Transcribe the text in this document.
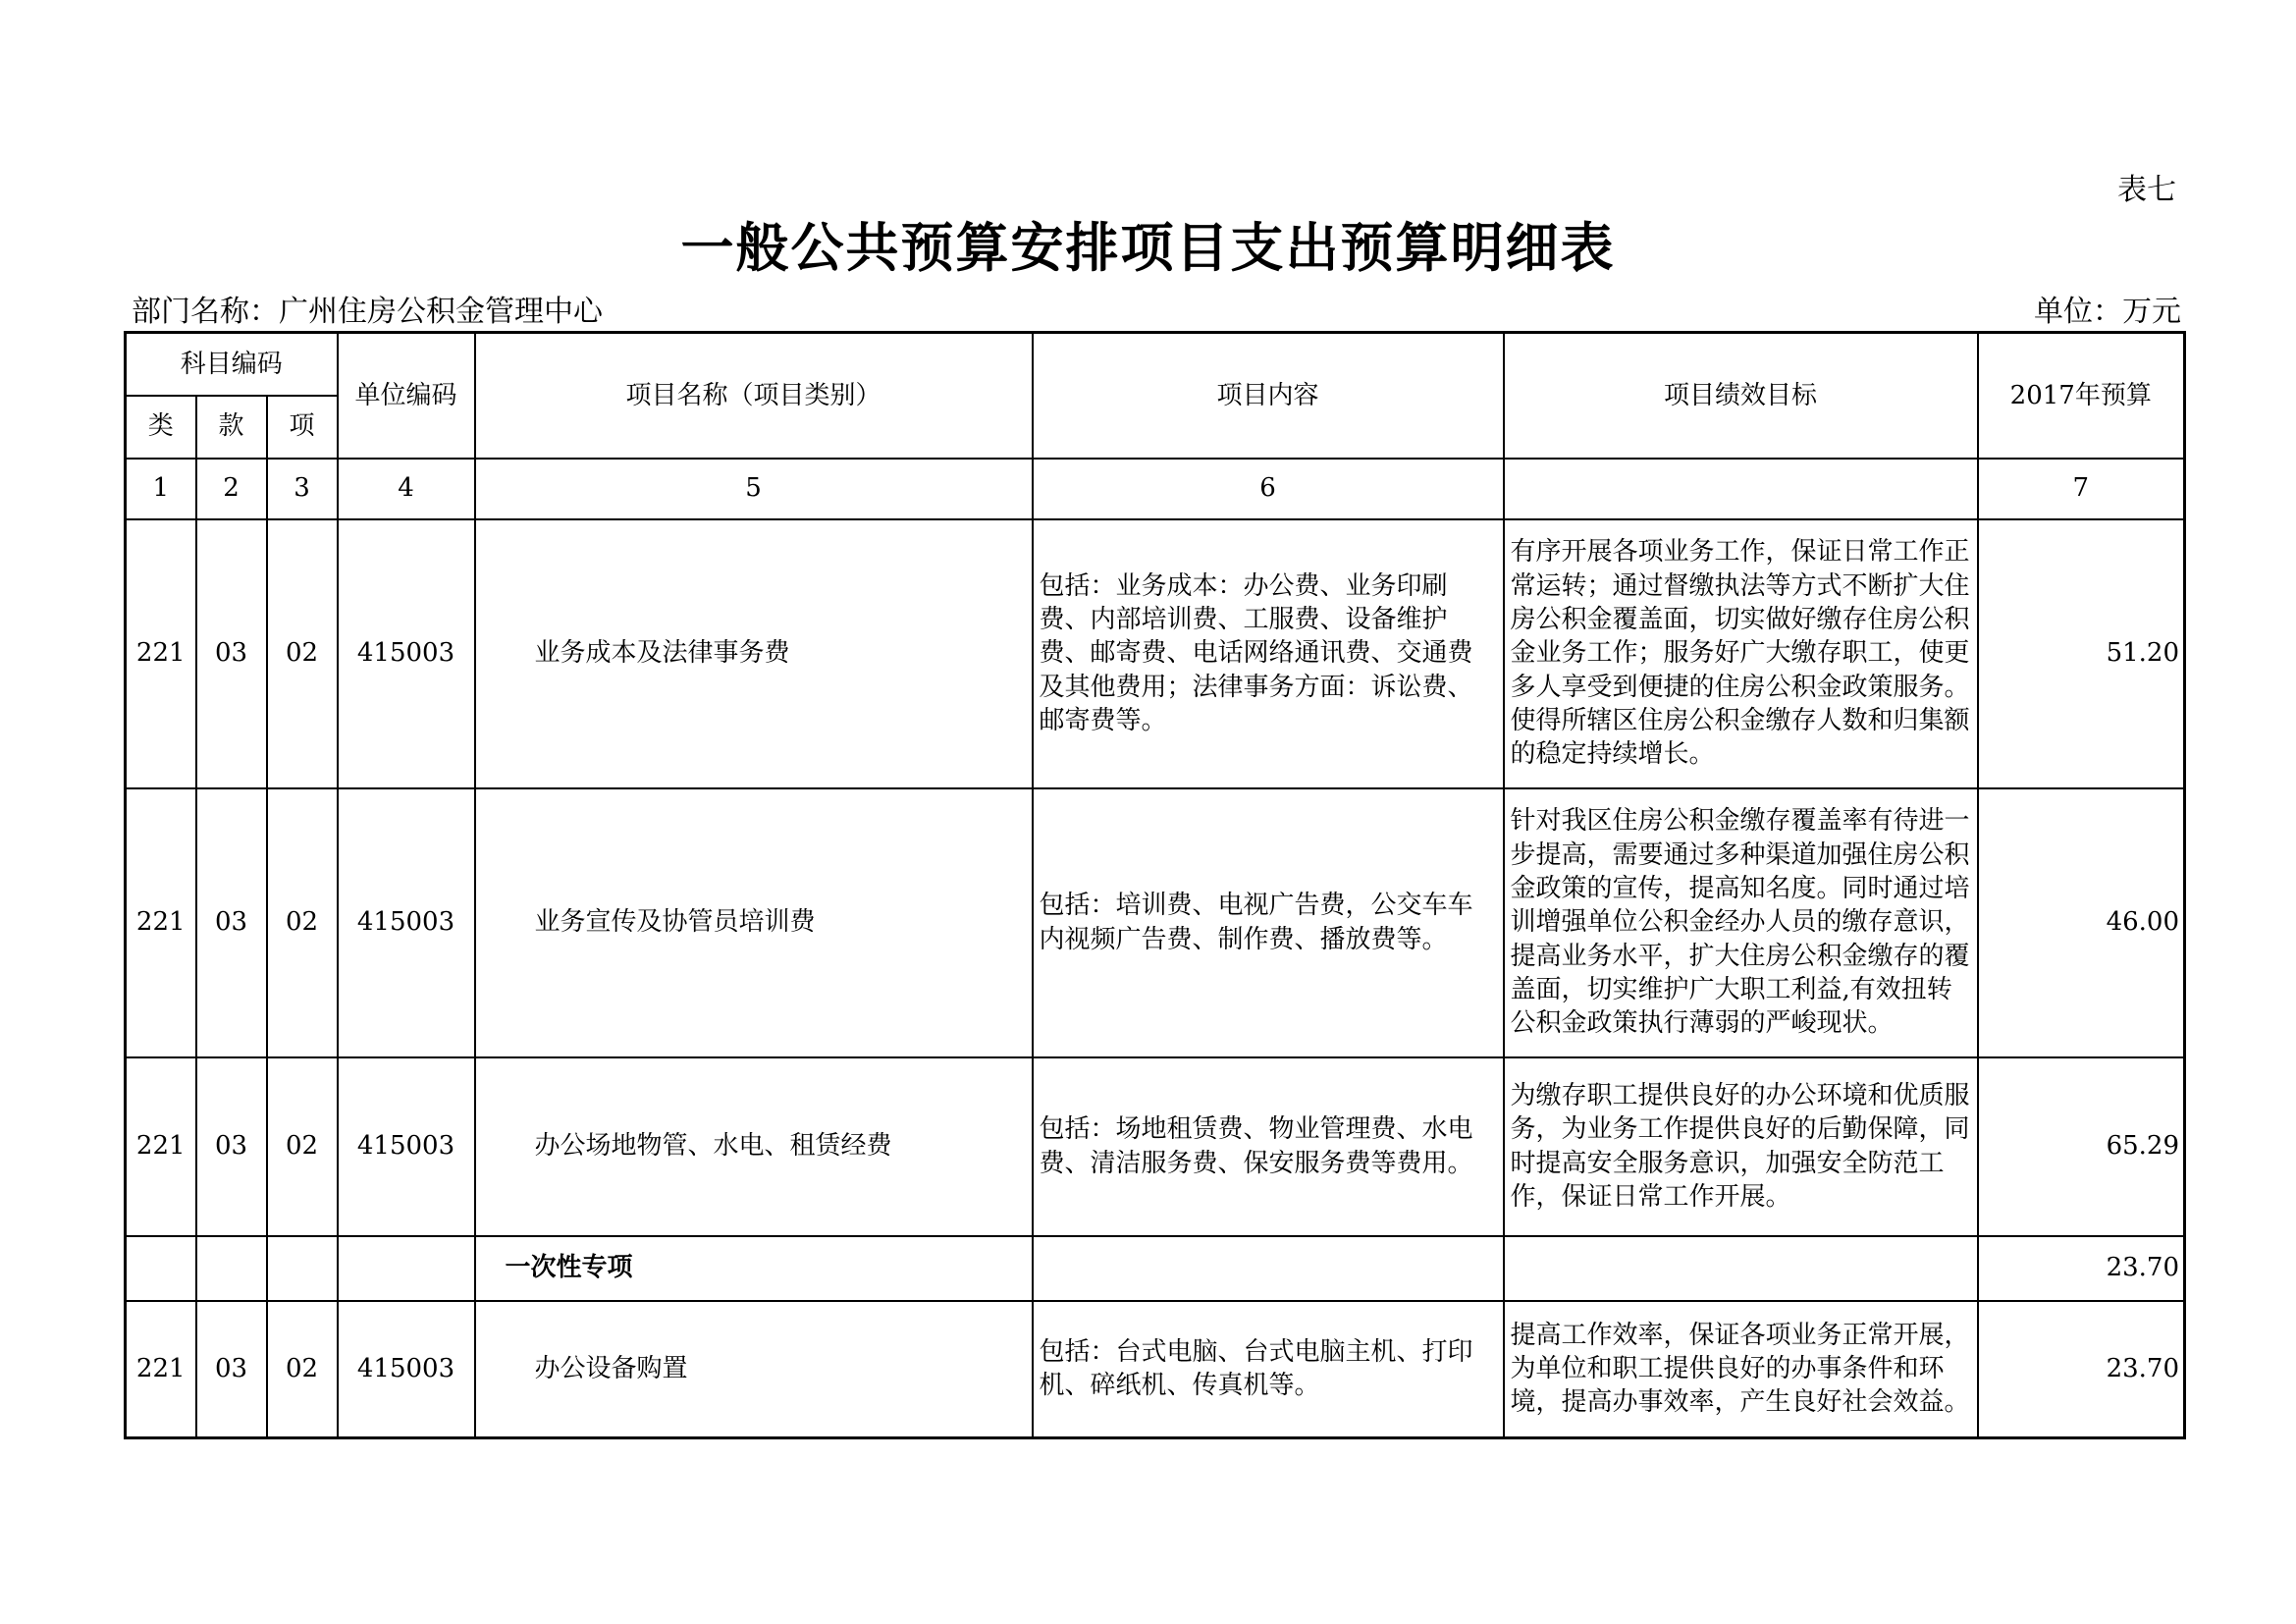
表七
一般公共预算安排项目支出预算明细表
部门名称：广州住房公积金管理中心	单位：万元
科目编码			单位编码	项目名称（项目类别）	项目内容	项目绩效目标	2017年预算
类	款	项					
1	2	3	4	5	6		7
221	03	02	415003	业务成本及法律事务费	包括：业务成本：办公费、业务印刷费、内部培训费、工服费、设备维护费、邮寄费、电话网络通讯费、交通费及其他费用；法律事务方面：诉讼费、邮寄费等。	有序开展各项业务工作，保证日常工作正常运转；通过督缴执法等方式不断扩大住房公积金覆盖面，切实做好缴存住房公积金业务工作；服务好广大缴存职工，使更多人享受到便捷的住房公积金政策服务。使得所辖区住房公积金缴存人数和归集额的稳定持续增长。	51.20
221	03	02	415003	业务宣传及协管员培训费	包括：培训费、电视广告费，公交车车内视频广告费、制作费、播放费等。	针对我区住房公积金缴存覆盖率有待进一步提高，需要通过多种渠道加强住房公积金政策的宣传，提高知名度。同时通过培训增强单位公积金经办人员的缴存意识，提高业务水平，扩大住房公积金缴存的覆盖面，切实维护广大职工利益,有效扭转公积金政策执行薄弱的严峻现状。	46.00
221	03	02	415003	办公场地物管、水电、租赁经费	包括：场地租赁费、物业管理费、水电费、清洁服务费、保安服务费等费用。	为缴存职工提供良好的办公环境和优质服务，为业务工作提供良好的后勤保障，同时提高安全服务意识，加强安全防范工作，保证日常工作开展。	65.29
				一次性专项			23.70
221	03	02	415003	办公设备购置	包括：台式电脑、台式电脑主机、打印机、碎纸机、传真机等。	提高工作效率，保证各项业务正常开展，为单位和职工提供良好的办事条件和环境，提高办事效率，产生良好社会效益。	23.70
